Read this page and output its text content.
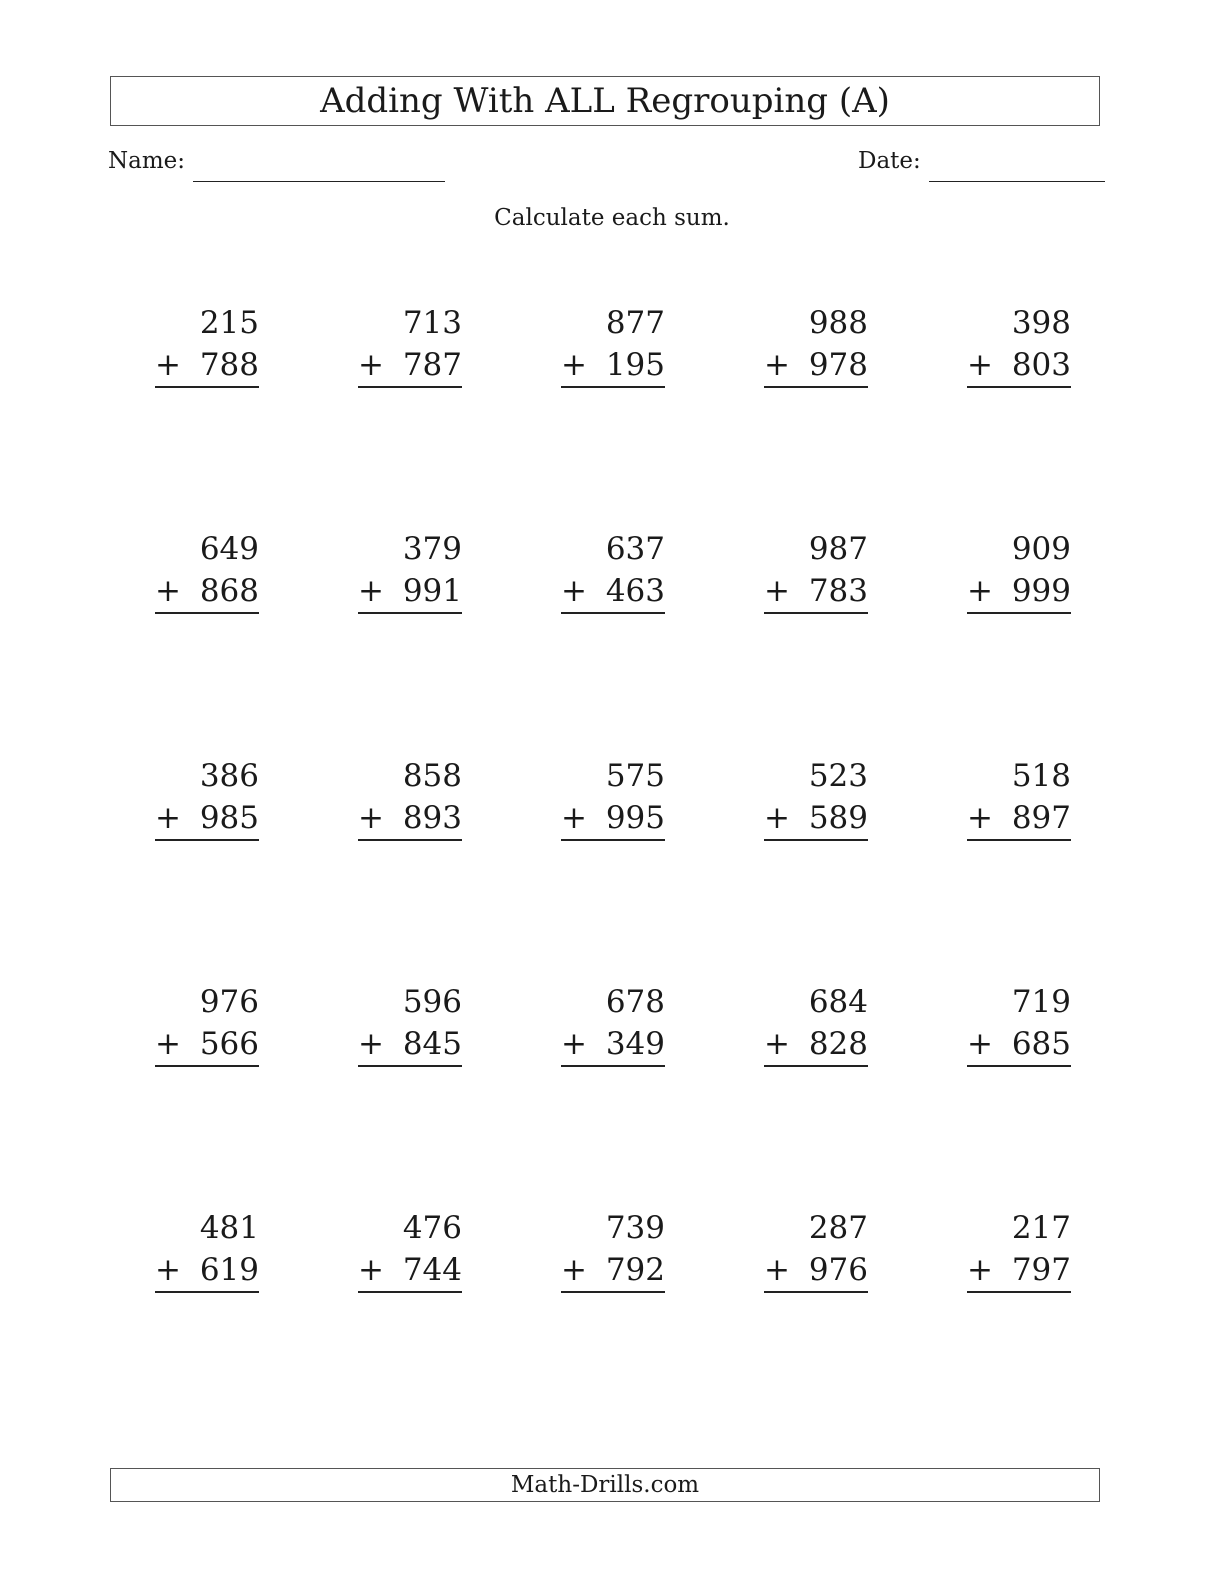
Adding With ALL Regrouping (A)
Name:	Date:
Calculate each sum.
215
+ 788
713
+ 787
877
+ 195
988
+ 978
398
+ 803
649
+ 868
379
+ 991
637
+ 463
987
+ 783
909
+ 999
386
+ 985
858
+ 893
575
+ 995
523
+ 589
518
+ 897
976
+ 566
596
+ 845
678
+ 349
684
+ 828
719
+ 685
481
+ 619
476
+ 744
739
+ 792
287
+ 976
217
+ 797
Math-Drills.com
